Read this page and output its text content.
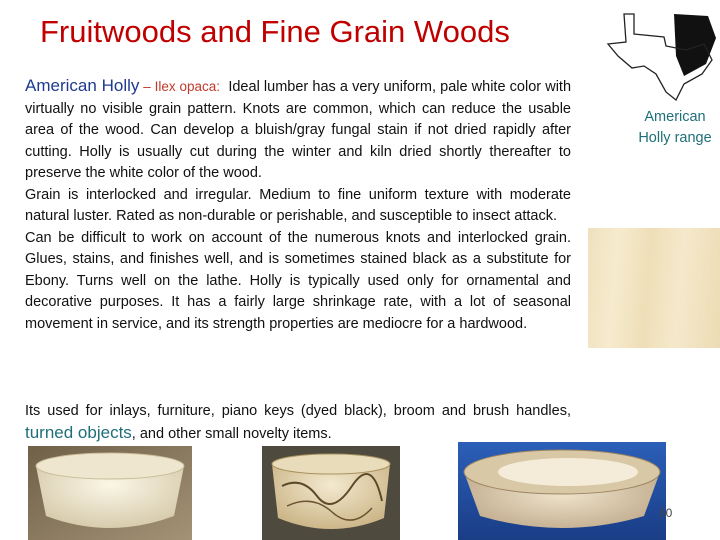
Fruitwoods and Fine Grain Woods
American Holly range

American Holly – Ilex opaca: Ideal lumber has a very uniform, pale white color with virtually no visible grain pattern. Knots are common, which can reduce the usable area of the wood. Can develop a bluish/gray fungal stain if not dried rapidly after cutting. Holly is usually cut during the winter and kiln dried shortly thereafter to preserve the white color of the wood.

Grain is interlocked and irregular. Medium to fine uniform texture with moderate natural luster. Rated as non-durable or perishable, and susceptible to insect attack.

Can be difficult to work on account of the numerous knots and interlocked grain. Glues, stains, and finishes well, and is sometimes stained black as a substitute for Ebony. Turns well on the lathe. Holly is typically used only for ornamental and decorative purposes. It has a fairly large shrinkage rate, with a lot of seasonal movement in service, and its strength properties are mediocre for a hardwood.

Its used for inlays, furniture, piano keys (dyed black), broom and brush handles, turned objects, and other small novelty items.
50
